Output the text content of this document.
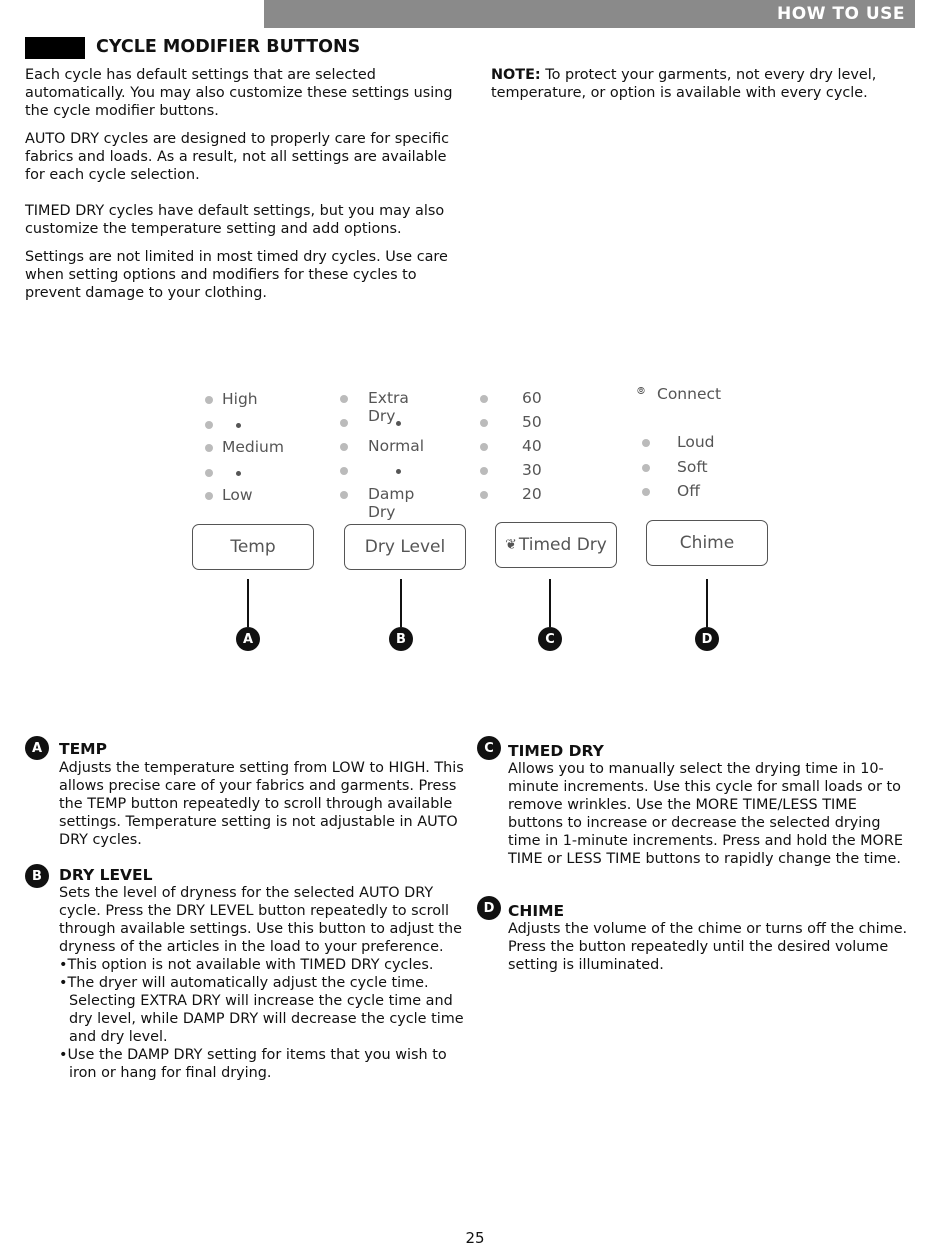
HOW TO USE
CYCLE MODIFIER BUTTONS

Each cycle has default settings that are selected automatically. You may also customize these settings using the cycle modifier buttons.

AUTO DRY cycles are designed to properly care for specific fabrics and loads. As a result, not all settings are available for each cycle selection.

TIMED DRY cycles have default settings, but you may also customize the temperature setting and add options.

Settings are not limited in most timed dry cycles. Use care when setting options and modifiers for these cycles to prevent damage to your clothing.

NOTE: To protect your garments, not every dry level, temperature, or option is available with every cycle.

High
Medium
Low
Extra Dry
Normal
Damp Dry
60
50
40
30
20
⦾ Connect
Loud
Soft
Off
Temp	Dry Level	❦ Timed Dry	Chime
A	B	C	D
A	TEMP
Adjusts the temperature setting from LOW to HIGH. This allows precise care of your fabrics and garments. Press the TEMP button repeatedly to scroll through available settings. Temperature setting is not adjustable in AUTO DRY cycles.
B	DRY LEVEL
Sets the level of dryness for the selected AUTO DRY cycle. Press the DRY LEVEL button repeatedly to scroll through available settings. Use this button to adjust the dryness of the articles in the load to your preference.
•This option is not available with TIMED DRY cycles.
•The dryer will automatically adjust the cycle time. Selecting EXTRA DRY will increase the cycle time and dry level, while DAMP DRY will decrease the cycle time and dry level.
•Use the DAMP DRY setting for items that you wish to iron or hang for final drying.
C TIMED DRY
Allows you to manually select the drying time in 10-minute increments. Use this cycle for small loads or to remove wrinkles. Use the MORE TIME/LESS TIME buttons to increase or decrease the selected drying time in 1-minute increments. Press and hold the MORE TIME or LESS TIME buttons to rapidly change the time.
D CHIME
Adjusts the volume of the chime or turns off the chime. Press the button repeatedly until the desired volume setting is illuminated.
25
